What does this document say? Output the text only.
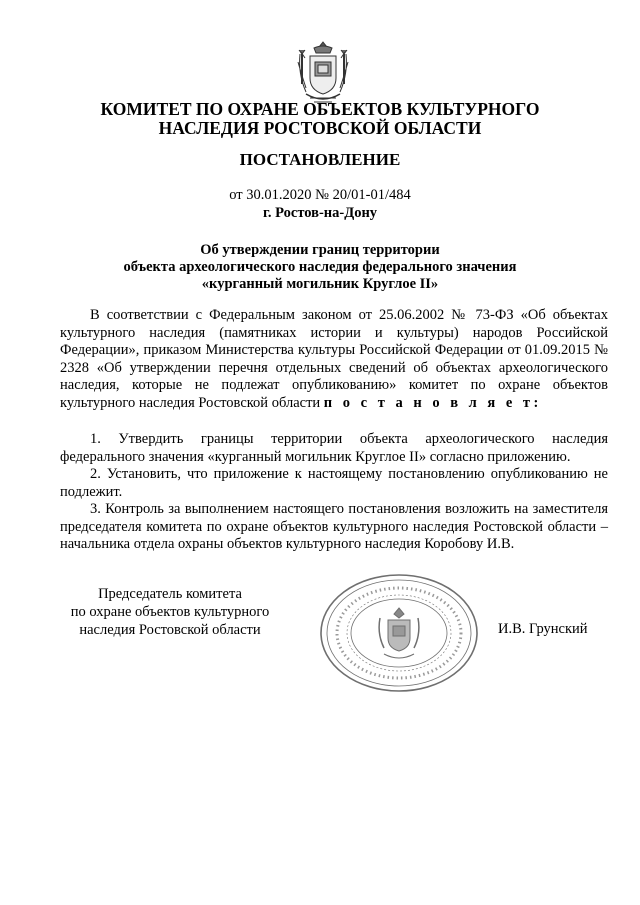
КОМИТЕТ ПО ОХРАНЕ ОБЪЕКТОВ КУЛЬТУРНОГО
НАСЛЕДИЯ РОСТОВСКОЙ ОБЛАСТИ
ПОСТАНОВЛЕНИЕ
от 30.01.2020 № 20/01-01/484
г. Ростов-на-Дону
Об утверждении границ территории
объекта археологического наследия федерального значения
«курганный могильник Круглое II»
В соответствии с Федеральным законом от 25.06.2002 № 73-ФЗ «Об объектах культурного наследия (памятниках истории и культуры) народов Российской Федерации», приказом Министерства культуры Российской Федерации от 01.09.2015 № 2328 «Об утверждении перечня отдельных сведений об объектах археологического наследия, которые не подлежат опубликованию» комитет по охране объектов культурного наследия Ростовской области п о с т а н о в л я е т:
1. Утвердить границы территории объекта археологического наследия федерального значения «курганный могильник Круглое II» согласно приложению.
2. Установить, что приложение к настоящему постановлению опубликованию не подлежит.
3. Контроль за выполнением настоящего постановления возложить на заместителя председателя комитета по охране объектов культурного наследия Ростовской области – начальника отдела охраны объектов культурного наследия Коробову И.В.
Председатель комитета
по охране объектов культурного
наследия Ростовской области	И.В. Грунский
